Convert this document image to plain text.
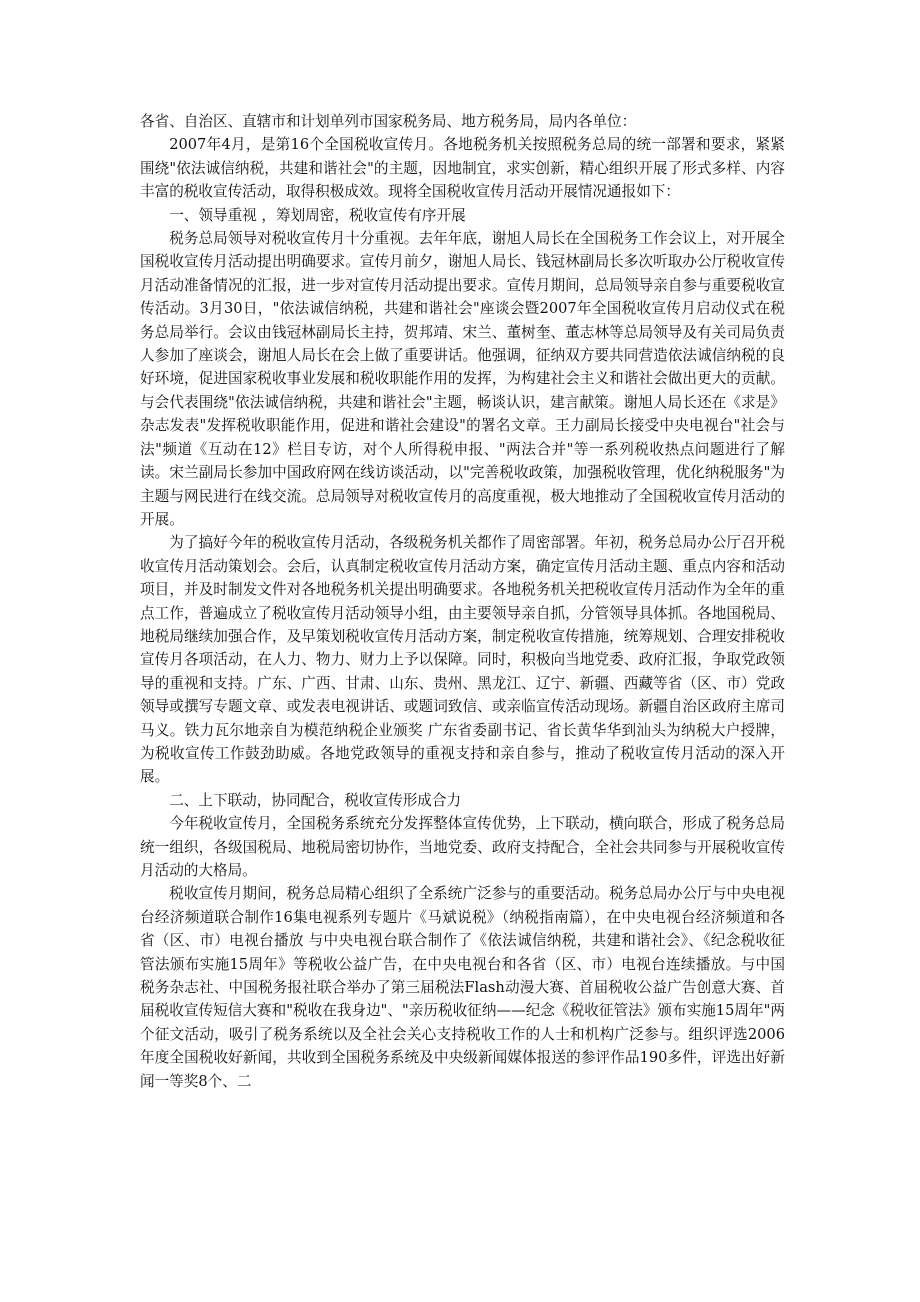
各省、自治区、直辖市和计划单列市国家税务局、地方税务局，局内各单位：

2007年4月，是第16个全国税收宣传月。各地税务机关按照税务总局的统一部署和要求，紧紧围绕"依法诚信纳税，共建和谐社会"的主题，因地制宜，求实创新，精心组织开展了形式多样、内容丰富的税收宣传活动，取得积极成效。现将全国税收宣传月活动开展情况通报如下：

一、领导重视 ，筹划周密，税收宣传有序开展

税务总局领导对税收宣传月十分重视。去年年底，谢旭人局长在全国税务工作会议上，对开展全国税收宣传月活动提出明确要求。宣传月前夕，谢旭人局长、钱冠林副局长多次听取办公厅税收宣传月活动准备情况的汇报，进一步对宣传月活动提出要求。宣传月期间，总局领导亲自参与重要税收宣传活动。3月30日，"依法诚信纳税，共建和谐社会"座谈会暨2007年全国税收宣传月启动仪式在税务总局举行。会议由钱冠林副局长主持，贺邦靖、宋兰、董树奎、董志林等总局领导及有关司局负责人参加了座谈会，谢旭人局长在会上做了重要讲话。他强调，征纳双方要共同营造依法诚信纳税的良好环境，促进国家税收事业发展和税收职能作用的发挥，为构建社会主义和谐社会做出更大的贡献。与会代表围绕"依法诚信纳税，共建和谐社会"主题，畅谈认识，建言献策。谢旭人局长还在《求是》杂志发表"发挥税收职能作用，促进和谐社会建设"的署名文章。王力副局长接受中央电视台"社会与法"频道《互动在12》栏目专访，对个人所得税申报、"两法合并"等一系列税收热点问题进行了解读。宋兰副局长参加中国政府网在线访谈活动，以"完善税收政策，加强税收管理，优化纳税服务"为主题与网民进行在线交流。总局领导对税收宣传月的高度重视，极大地推动了全国税收宣传月活动的开展。

为了搞好今年的税收宣传月活动，各级税务机关都作了周密部署。年初，税务总局办公厅召开税收宣传月活动策划会。会后，认真制定税收宣传月活动方案，确定宣传月活动主题、重点内容和活动项目，并及时制发文件对各地税务机关提出明确要求。各地税务机关把税收宣传月活动作为全年的重点工作，普遍成立了税收宣传月活动领导小组，由主要领导亲自抓，分管领导具体抓。各地国税局、地税局继续加强合作，及早策划税收宣传月活动方案，制定税收宣传措施，统筹规划、合理安排税收宣传月各项活动，在人力、物力、财力上予以保障。同时，积极向当地党委、政府汇报，争取党政领导的重视和支持。广东、广西、甘肃、山东、贵州、黑龙江、辽宁、新疆、西藏等省（区、市）党政领导或撰写专题文章、或发表电视讲话、或题词致信、或亲临宣传活动现场。新疆自治区政府主席司马义。铁力瓦尔地亲自为模范纳税企业颁奖 广东省委副书记、省长黄华华到汕头为纳税大户授牌，为税收宣传工作鼓劲助威。各地党政领导的重视支持和亲自参与，推动了税收宣传月活动的深入开展。

二、上下联动，协同配合，税收宣传形成合力

今年税收宣传月，全国税务系统充分发挥整体宣传优势，上下联动，横向联合，形成了税务总局统一组织，各级国税局、地税局密切协作，当地党委、政府支持配合，全社会共同参与开展税收宣传月活动的大格局。

税收宣传月期间，税务总局精心组织了全系统广泛参与的重要活动。税务总局办公厅与中央电视台经济频道联合制作16集电视系列专题片《马斌说税》（纳税指南篇），在中央电视台经济频道和各省（区、市）电视台播放 与中央电视台联合制作了《依法诚信纳税，共建和谐社会》、《纪念税收征管法颁布实施15周年》等税收公益广告，在中央电视台和各省（区、市）电视台连续播放。与中国税务杂志社、中国税务报社联合举办了第三届税法Flash动漫大赛、首届税收公益广告创意大赛、首届税收宣传短信大赛和"税收在我身边"、"亲历税收征纳——纪念《税收征管法》颁布实施15周年"两个征文活动，吸引了税务系统以及全社会关心支持税收工作的人士和机构广泛参与。组织评选2006年度全国税收好新闻，共收到全国税务系统及中央级新闻媒体报送的参评作品190多件，评选出好新闻一等奖8个、二
